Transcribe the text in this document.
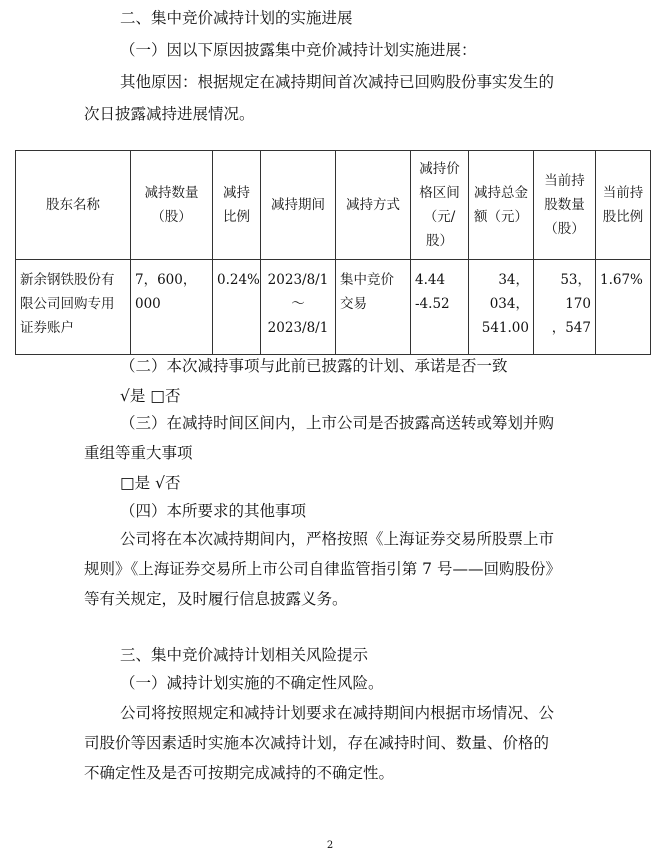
二、集中竞价减持计划的实施进展
（一）因以下原因披露集中竞价减持计划实施进展：
其他原因：根据规定在减持期间首次减持已回购股份事实发生的
次日披露减持进展情况。
股东名称	减持数量（股）	减持比例	减持期间	减持方式	减持价格区间（元/股）	减持总金额（元）	当前持股数量（股）	当前持股比例

新余钢铁股份有
限公司回购专用
证券账户	7，600，000	0.24%	2023/8/1
～
2023/8/1	集中竞价
交易	4.44
-4.52	34，034，
541.00	53，170
，547	1.67%
（二）本次减持事项与此前已披露的计划、承诺是否一致
√是 □否
（三）在减持时间区间内，上市公司是否披露高送转或筹划并购
重组等重大事项
□是 √否
（四）本所要求的其他事项
公司将在本次减持期间内，严格按照《上海证券交易所股票上市
规则》《上海证券交易所上市公司自律监管指引第 7 号——回购股份》
等有关规定，及时履行信息披露义务。
三、集中竞价减持计划相关风险提示
（一）减持计划实施的不确定性风险。
公司将按照规定和减持计划要求在减持期间内根据市场情况、公
司股价等因素适时实施本次减持计划，存在减持时间、数量、价格的
不确定性及是否可按期完成减持的不确定性。
2
